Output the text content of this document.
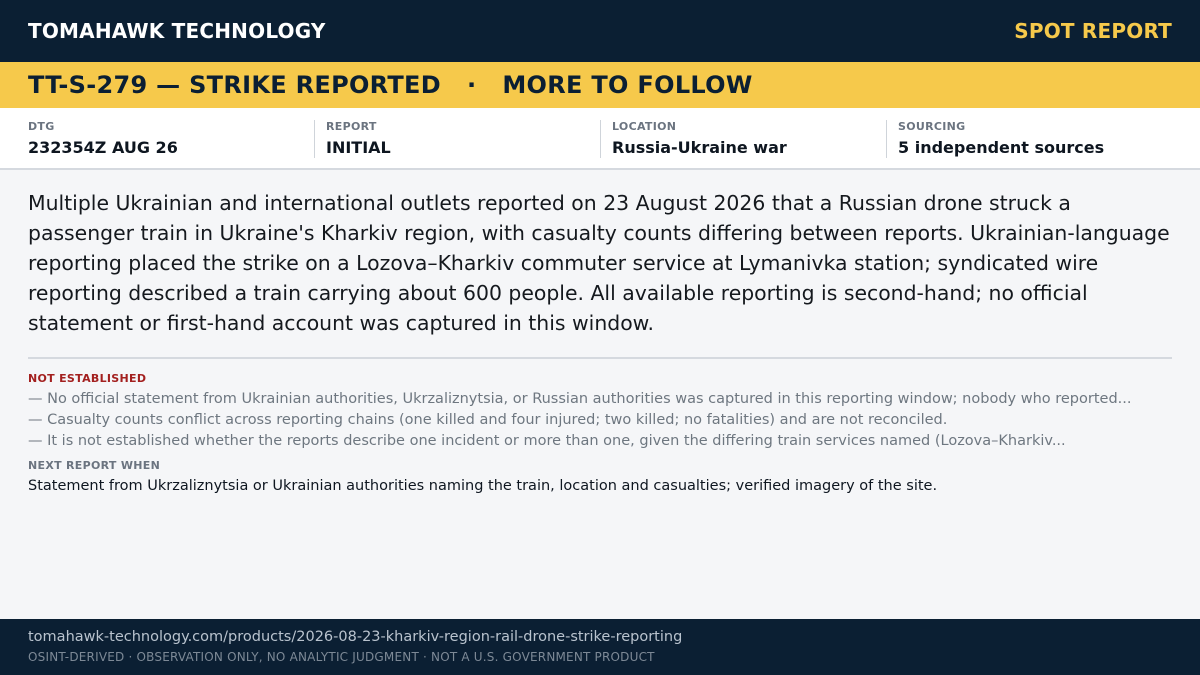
TOMAHAWK TECHNOLOGY	SPOT REPORT
TT-S-279 — STRIKE REPORTED · MORE TO FOLLOW
DTG
232354Z AUG 26
REPORT
INITIAL
LOCATION
Russia-Ukraine war
SOURCING
5 independent sources

Multiple Ukrainian and international outlets reported on 23 August 2026 that a Russian drone struck a passenger train in Ukraine's Kharkiv region, with casualty counts differing between reports. Ukrainian-language reporting placed the strike on a Lozova–Kharkiv commuter service at Lymanivka station; syndicated wire reporting described a train carrying about 600 people. All available reporting is second-hand; no official statement or first-hand account was captured in this window.

NOT ESTABLISHED
— No official statement from Ukrainian authorities, Ukrzaliznytsia, or Russian authorities was captured in this reporting window; nobody who reported...
— Casualty counts conflict across reporting chains (one killed and four injured; two killed; no fatalities) and are not reconciled.
— It is not established whether the reports describe one incident or more than one, given the differing train services named (Lozova–Kharkiv...
NEXT REPORT WHEN
Statement from Ukrzaliznytsia or Ukrainian authorities naming the train, location and casualties; verified imagery of the site.
tomahawk-technology.com/products/2026-08-23-kharkiv-region-rail-drone-strike-reporting
OSINT-DERIVED · OBSERVATION ONLY, NO ANALYTIC JUDGMENT · NOT A U.S. GOVERNMENT PRODUCT
